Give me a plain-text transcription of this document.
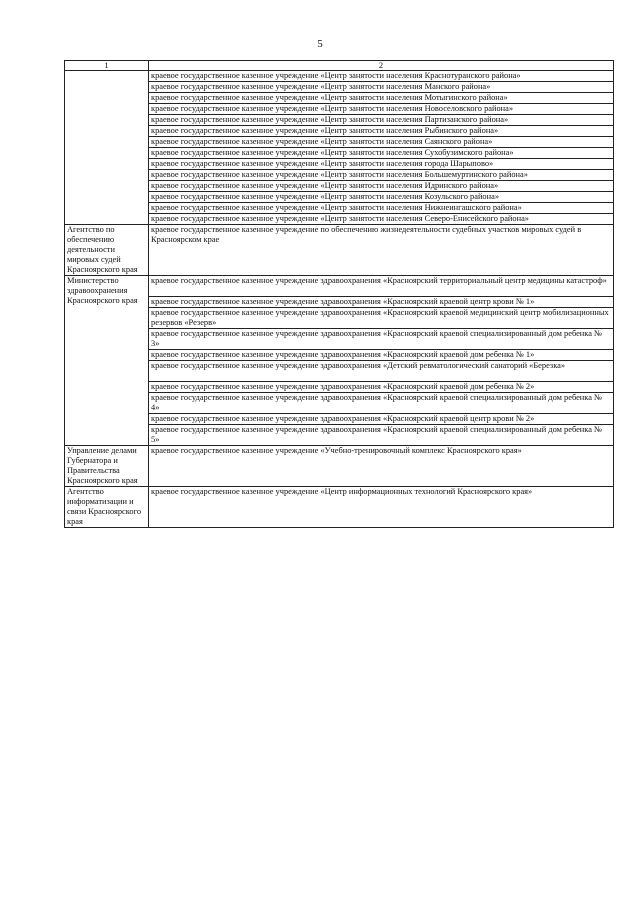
5
1	2
	краевое государственное казенное учреждение «Центр занятости населения Краснотуранского района»
	краевое государственное казенное учреждение «Центр занятости населения Манского района»
	краевое государственное казенное учреждение «Центр занятости населения Мотыгинского района»
	краевое государственное казенное учреждение «Центр занятости населения Новоселовского района»
	краевое государственное казенное учреждение «Центр занятости населения Партизанского района»
	краевое государственное казенное учреждение «Центр занятости населения Рыбинского района»
	краевое государственное казенное учреждение «Центр занятости населения Саянского района»
	краевое государственное казенное учреждение «Центр занятости населения Сухобузимского района»
	краевое государственное казенное учреждение «Центр занятости населения города Шарыпово»
	краевое государственное казенное учреждение «Центр занятости населения Большемуртинского района»
	краевое государственное казенное учреждение «Центр занятости населения Идринского района»
	краевое государственное казенное учреждение «Центр занятости населения Козульского района»
	краевое государственное казенное учреждение «Центр занятости населения Нижнеингашского района»
	краевое государственное казенное учреждение «Центр занятости населения Северо-Енисейского района»
Агентство по обеспечению деятельности мировых судей Красноярского края	краевое государственное казенное учреждение по обеспечению жизнедеятельности судебных участков мировых судей в Красноярском крае
Министерство здравоохранения Красноярского края	краевое государственное казенное учреждение здравоохранения «Красноярский территориальный центр медицины катастроф»
	краевое государственное казенное учреждение здравоохранения «Красноярский краевой центр крови № 1»
	краевое государственное казенное учреждение здравоохранения «Красноярский краевой медицинский центр мобилизационных резервов «Резерв»
	краевое государственное казенное учреждение здравоохранения «Красноярский краевой специализированный дом ребенка № 3»
	краевое государственное казенное учреждение здравоохранения «Красноярский краевой дом ребенка № 1»
	краевое государственное казенное учреждение здравоохранения «Детский ревматологический санаторий «Березка»
	краевое государственное казенное учреждение здравоохранения «Красноярский краевой дом ребенка № 2»
	краевое государственное казенное учреждение здравоохранения «Красноярский краевой специализированный дом ребенка № 4»
	краевое государственное казенное учреждение здравоохранения «Красноярский краевой центр крови № 2»
	краевое государственное казенное учреждение здравоохранения «Красноярский краевой специализированный дом ребенка № 5»
Управление делами Губернатора и Правительства Красноярского края	краевое государственное казенное учреждение «Учебно-тренировочный комплекс Красноярского края»
Агентство информатизации и связи Красноярского края	краевое государственное казенное учреждение «Центр информационных технологий Красноярского края»
